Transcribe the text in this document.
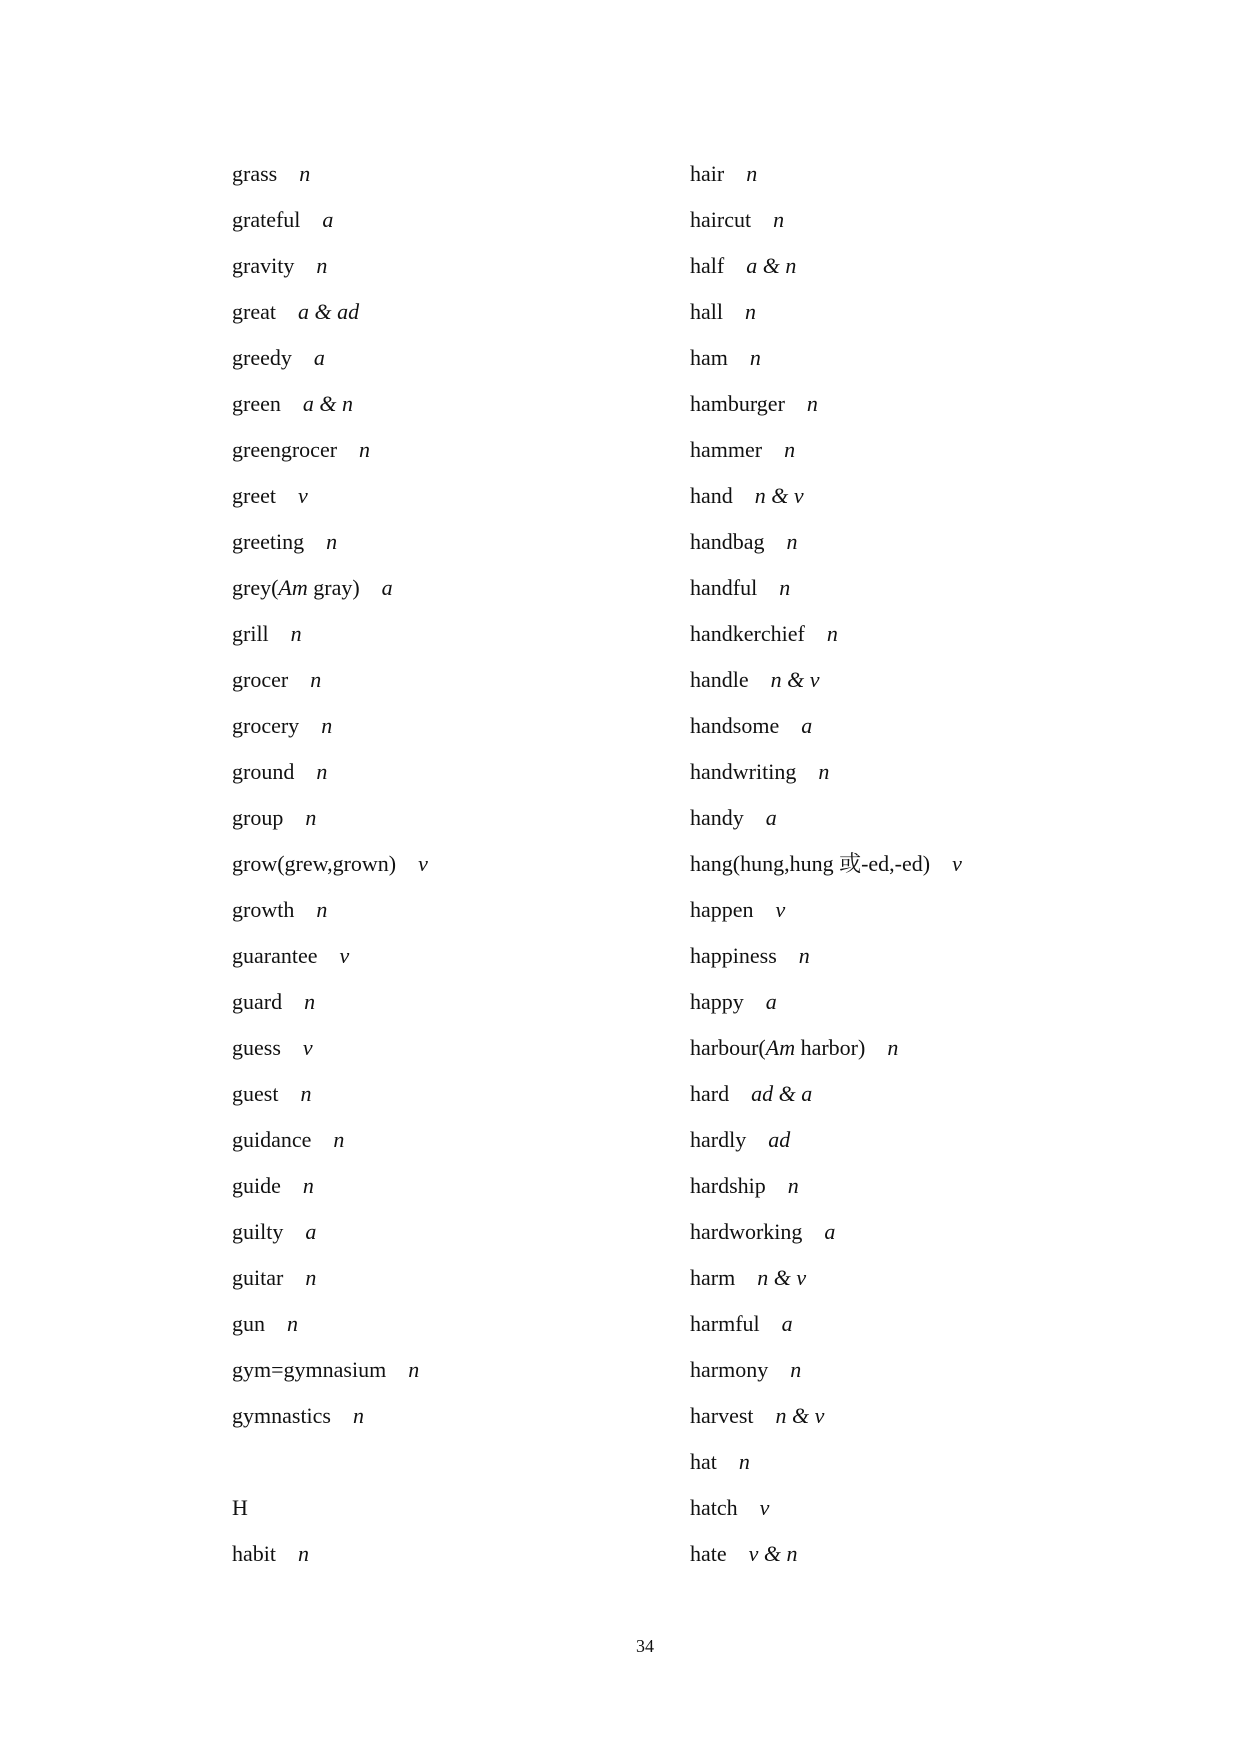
grass n
grateful a
gravity n
great a & ad
greedy a
green a & n
greengrocer n
greet v
greeting n
grey(Am gray) a
grill n
grocer n
grocery n
ground n
group n
grow(grew,grown) v
growth n
guarantee v
guard n
guess v
guest n
guidance n
guide n
guilty a
guitar n
gun n
gym=gymnasium n
gymnastics n
H
habit n
hair n
haircut n
half a & n
hall n
ham n
hamburger n
hammer n
hand n & v
handbag n
handful n
handkerchief n
handle n & v
handsome a
handwriting n
handy a
hang(hung,hung 或-ed,-ed) v
happen v
happiness n
happy a
harbour(Am harbor) n
hard ad & a
hardly ad
hardship n
hardworking a
harm n & v
harmful a
harmony n
harvest n & v
hat n
hatch v
hate v & n
34
